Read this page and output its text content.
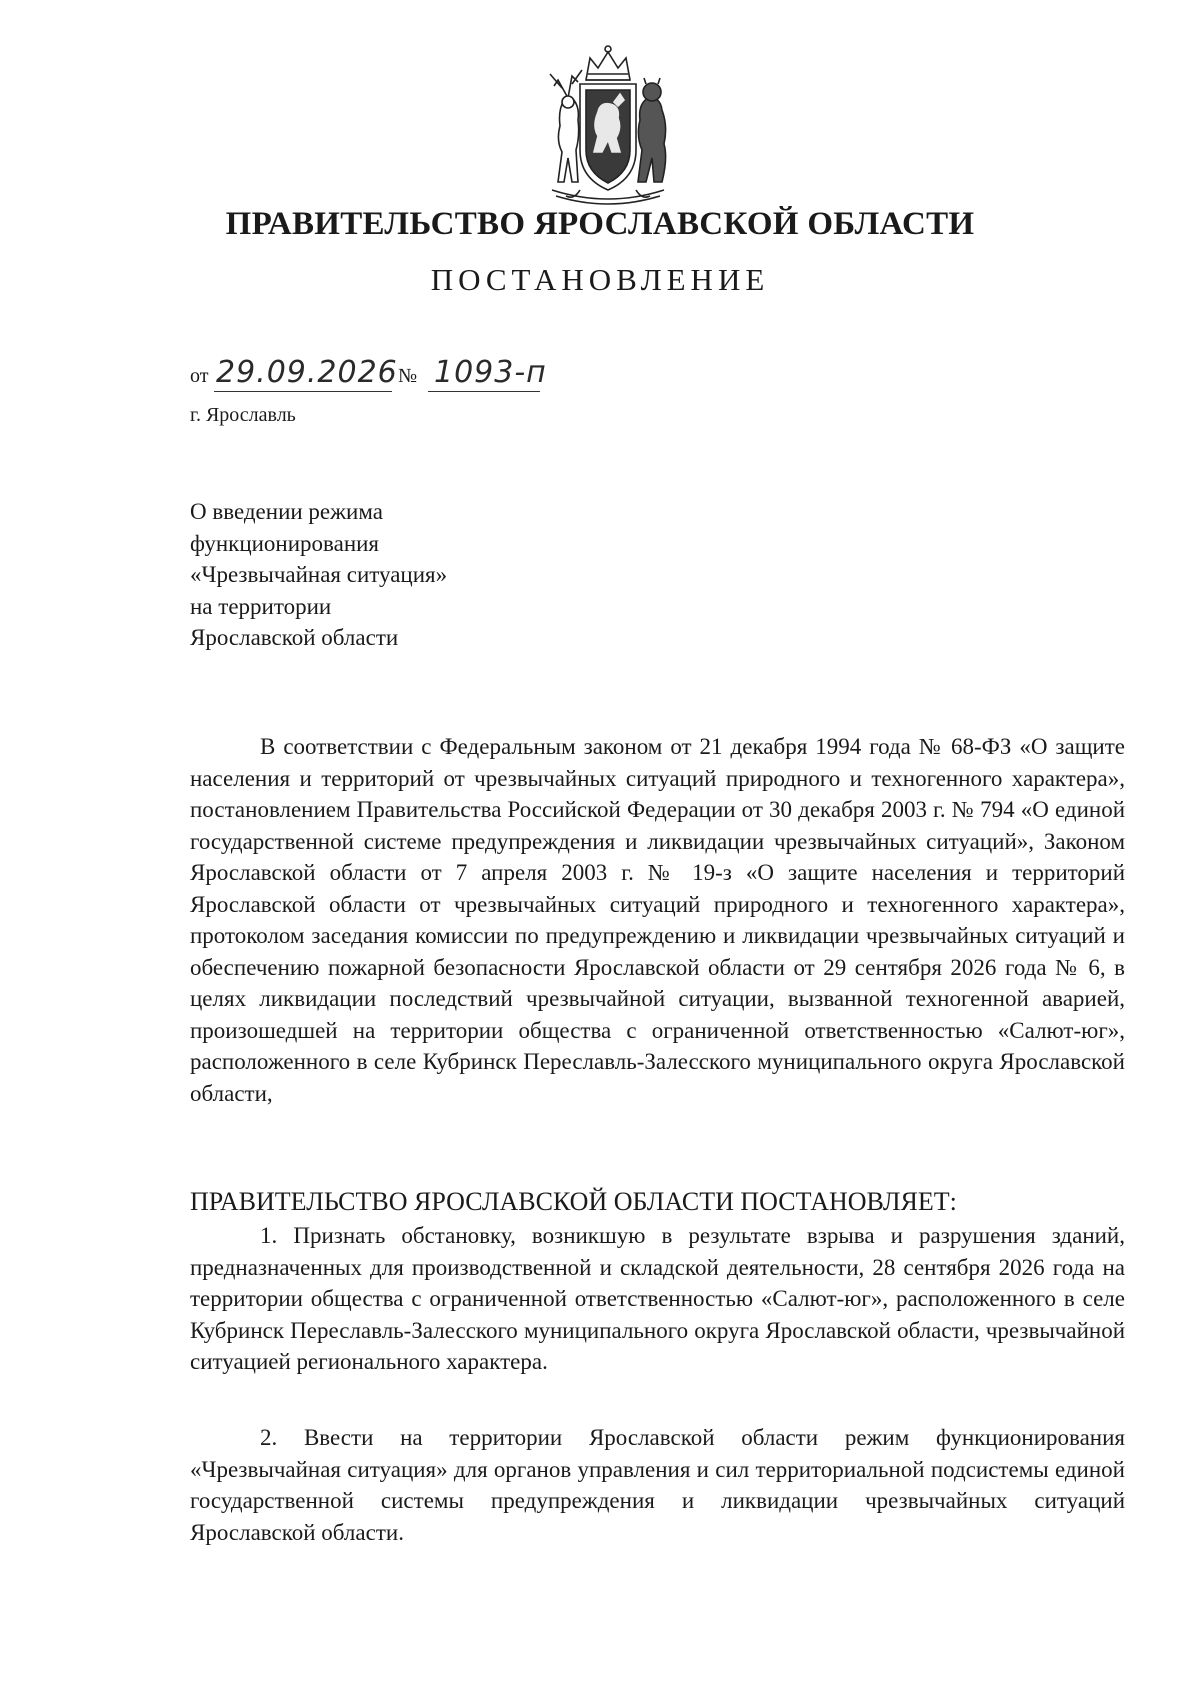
ПРАВИТЕЛЬСТВО ЯРОСЛАВСКОЙ ОБЛАСТИ
ПОСТАНОВЛЕНИЕ
от 29.09.2026 № 1093-п
г. Ярославль
О введении режима
функционирования
«Чрезвычайная ситуация»
на территории
Ярославской области
В соответствии с Федеральным законом от 21 декабря 1994 года № 68-ФЗ «О защите населения и территорий от чрезвычайных ситуаций природного и техногенного характера», постановлением Правительства Российской Федерации от 30 декабря 2003 г. № 794 «О единой государственной системе предупреждения и ликвидации чрезвычайных ситуаций», Законом Ярославской области от 7 апреля 2003 г. № 19-з «О защите населения и территорий Ярославской области от чрезвычайных ситуаций природного и техногенного характера», протоколом заседания комиссии по предупреждению и ликвидации чрезвычайных ситуаций и обеспечению пожарной безопасности Ярославской области от 29 сентября 2026 года № 6, в целях ликвидации последствий чрезвычайной ситуации, вызванной техногенной аварией, произошедшей на территории общества с ограниченной ответственностью «Салют-юг», расположенного в селе Кубринск Переславль-Залесского муниципального округа Ярославской области,
ПРАВИТЕЛЬСТВО ЯРОСЛАВСКОЙ ОБЛАСТИ ПОСТАНОВЛЯЕТ:
1. Признать обстановку, возникшую в результате взрыва и разрушения зданий, предназначенных для производственной и складской деятельности, 28 сентября 2026 года на территории общества с ограниченной ответственностью «Салют-юг», расположенного в селе Кубринск Переславль-Залесского муниципального округа Ярославской области, чрезвычайной ситуацией регионального характера.
2. Ввести на территории Ярославской области режим функционирования «Чрезвычайная ситуация» для органов управления и сил территориальной подсистемы единой государственной системы предупреждения и ликвидации чрезвычайных ситуаций Ярославской области.
